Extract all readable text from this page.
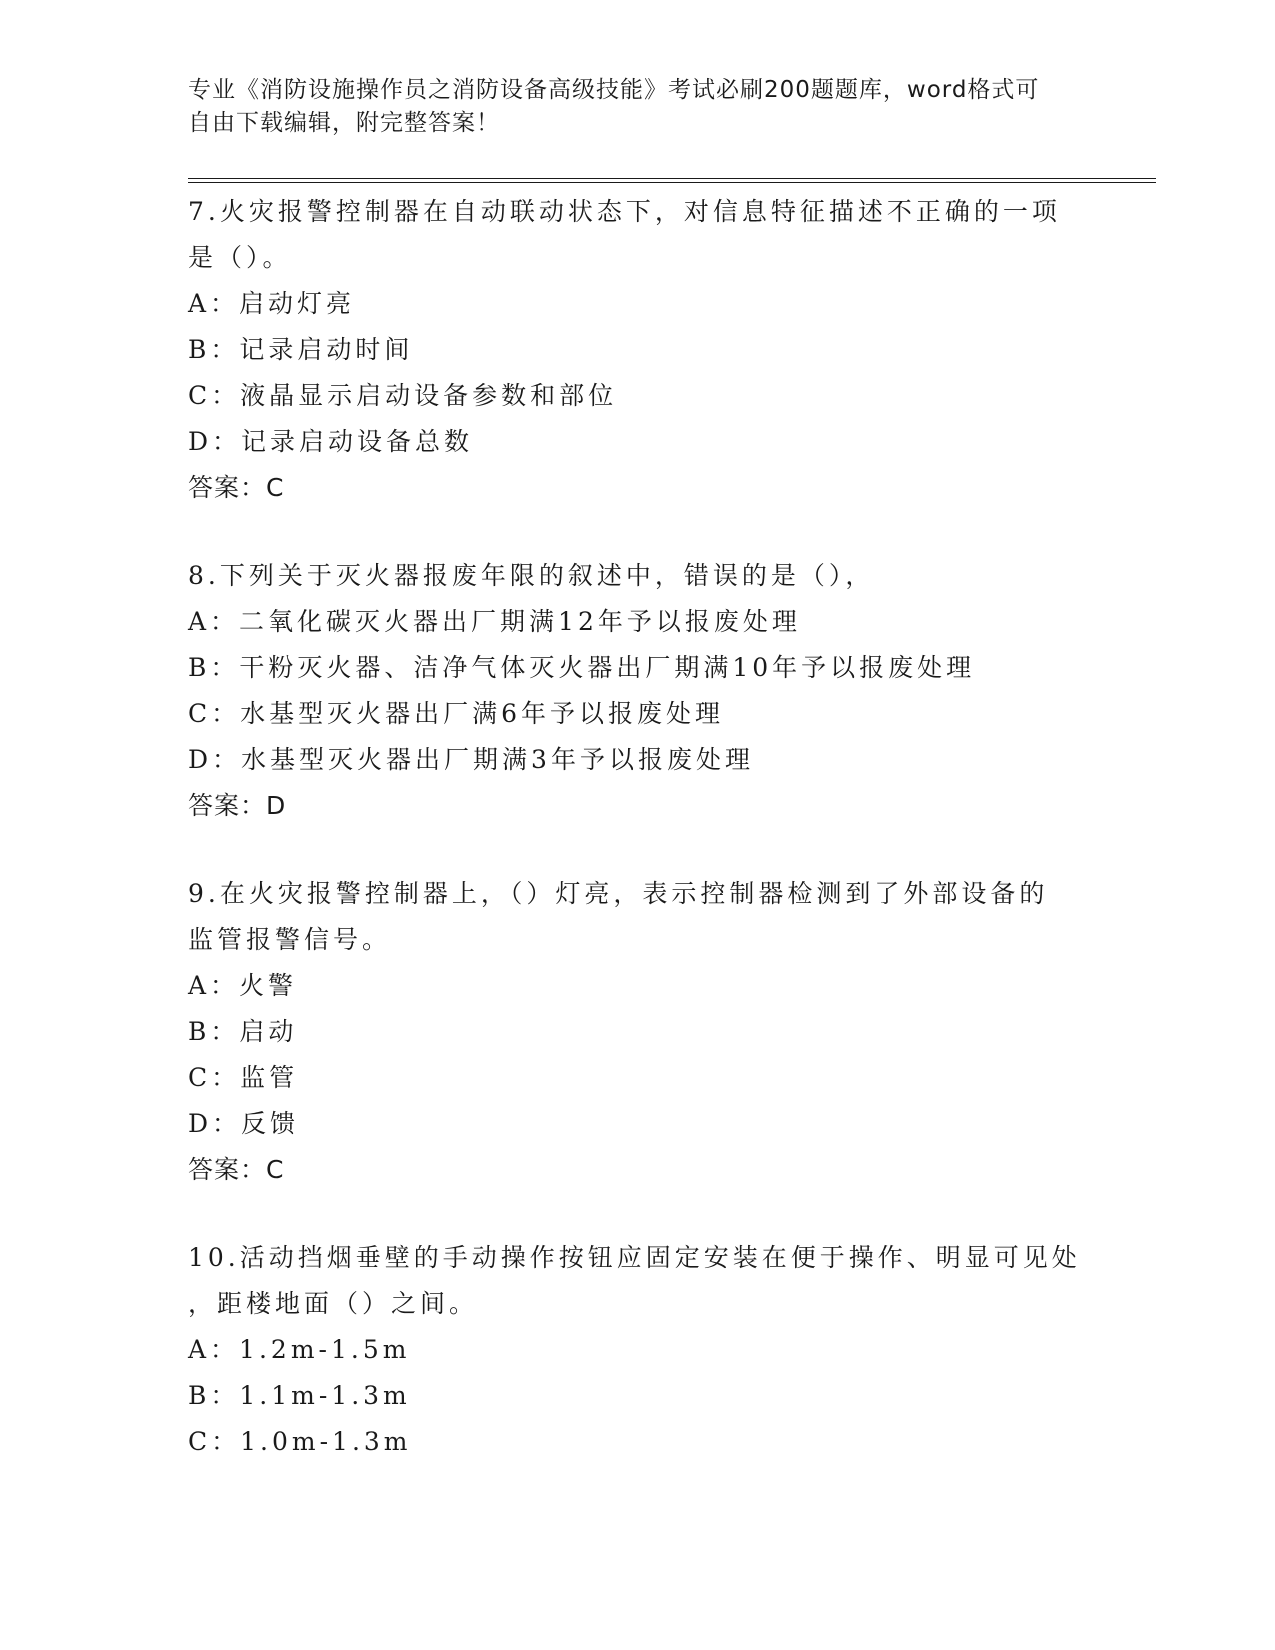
专业《消防设施操作员之消防设备高级技能》考试必刷200题题库，word格式可
自由下载编辑，附完整答案！
7.火灾报警控制器在自动联动状态下，对信息特征描述不正确的一项
是（）。
A：启动灯亮
B：记录启动时间
C：液晶显示启动设备参数和部位
D：记录启动设备总数
答案：C
8.下列关于灭火器报废年限的叙述中，错误的是（），
A：二氧化碳灭火器出厂期满12年予以报废处理
B：干粉灭火器、洁净气体灭火器出厂期满10年予以报废处理
C：水基型灭火器出厂满6年予以报废处理
D：水基型灭火器出厂期满3年予以报废处理
答案：D
9.在火灾报警控制器上，（）灯亮，表示控制器检测到了外部设备的
监管报警信号。
A：火警
B：启动
C：监管
D：反馈
答案：C
10.活动挡烟垂壁的手动操作按钮应固定安装在便于操作、明显可见处
，距楼地面（）之间。
A：1.2m-1.5m
B：1.1m-1.3m
C：1.0m-1.3m
